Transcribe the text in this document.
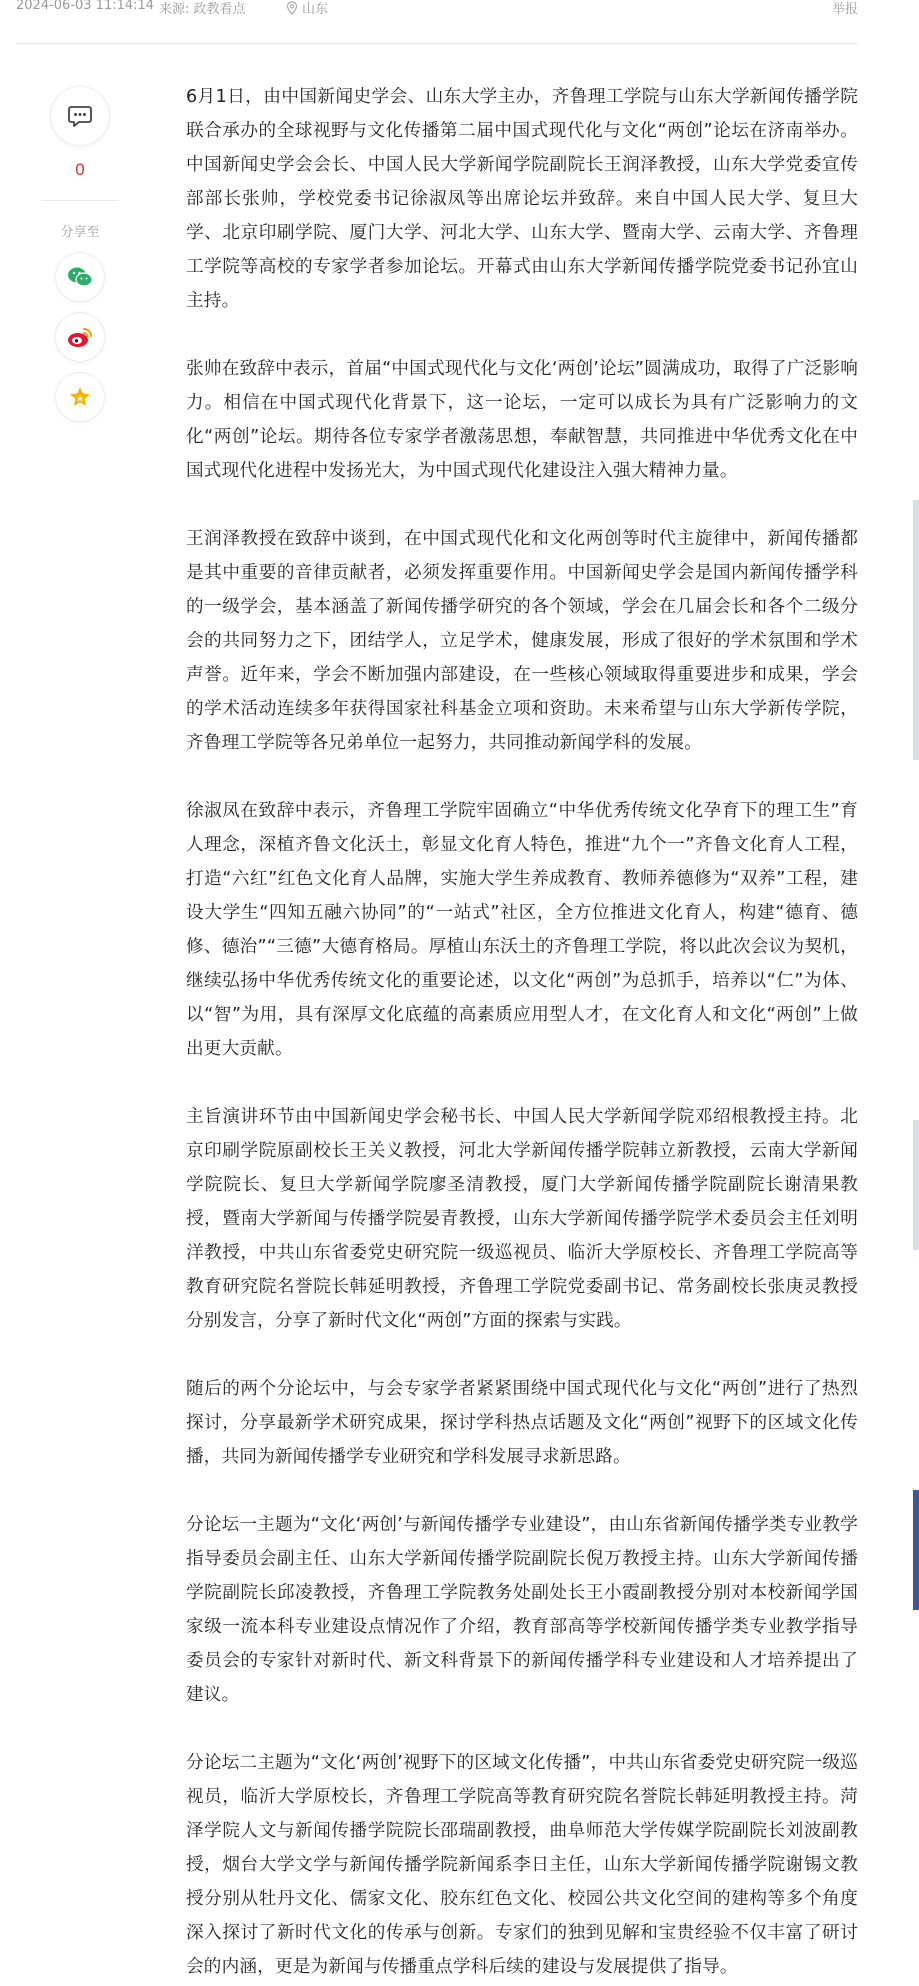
2024-06-03 11:14:14 来源: 政教看点	山东	举报
0
分享至

6月1日，由中国新闻史学会、山东大学主办，齐鲁理工学院与山东大学新闻传播学院联合承办的全球视野与文化传播第二届中国式现代化与文化“两创”论坛在济南举办。中国新闻史学会会长、中国人民大学新闻学院副院长王润泽教授，山东大学党委宣传部部长张帅，学校党委书记徐淑凤等出席论坛并致辞。来自中国人民大学、复旦大学、北京印刷学院、厦门大学、河北大学、山东大学、暨南大学、云南大学、齐鲁理工学院等高校的专家学者参加论坛。开幕式由山东大学新闻传播学院党委书记孙宜山主持。

张帅在致辞中表示，首届“中国式现代化与文化‘两创’论坛”圆满成功，取得了广泛影响力。相信在中国式现代化背景下，这一论坛，一定可以成长为具有广泛影响力的文化“两创”论坛。期待各位专家学者激荡思想，奉献智慧，共同推进中华优秀文化在中国式现代化进程中发扬光大，为中国式现代化建设注入强大精神力量。

王润泽教授在致辞中谈到，在中国式现代化和文化两创等时代主旋律中，新闻传播都是其中重要的音律贡献者，必须发挥重要作用。中国新闻史学会是国内新闻传播学科的一级学会，基本涵盖了新闻传播学研究的各个领域，学会在几届会长和各个二级分会的共同努力之下，团结学人，立足学术，健康发展，形成了很好的学术氛围和学术声誉。近年来，学会不断加强内部建设，在一些核心领域取得重要进步和成果，学会的学术活动连续多年获得国家社科基金立项和资助。未来希望与山东大学新传学院，齐鲁理工学院等各兄弟单位一起努力，共同推动新闻学科的发展。

徐淑凤在致辞中表示，齐鲁理工学院牢固确立“中华优秀传统文化孕育下的理工生”育人理念，深植齐鲁文化沃土，彰显文化育人特色，推进“九个一”齐鲁文化育人工程，打造“六红”红色文化育人品牌，实施大学生养成教育、教师养德修为“双养”工程，建设大学生“四知五融六协同”的“一站式”社区，全方位推进文化育人，构建“德育、德修、德治”“三德”大德育格局。厚植山东沃土的齐鲁理工学院，将以此次会议为契机，继续弘扬中华优秀传统文化的重要论述，以文化“两创”为总抓手，培养以“仁”为体、以“智”为用，具有深厚文化底蕴的高素质应用型人才，在文化育人和文化“两创”上做出更大贡献。

主旨演讲环节由中国新闻史学会秘书长、中国人民大学新闻学院邓绍根教授主持。北京印刷学院原副校长王关义教授，河北大学新闻传播学院韩立新教授，云南大学新闻学院院长、复旦大学新闻学院廖圣清教授，厦门大学新闻传播学院副院长谢清果教授，暨南大学新闻与传播学院晏青教授，山东大学新闻传播学院学术委员会主任刘明洋教授，中共山东省委党史研究院一级巡视员、临沂大学原校长、齐鲁理工学院高等教育研究院名誉院长韩延明教授，齐鲁理工学院党委副书记、常务副校长张庚灵教授分别发言，分享了新时代文化“两创”方面的探索与实践。

随后的两个分论坛中，与会专家学者紧紧围绕中国式现代化与文化“两创”进行了热烈探讨，分享最新学术研究成果，探讨学科热点话题及文化“两创”视野下的区域文化传播，共同为新闻传播学专业研究和学科发展寻求新思路。

分论坛一主题为“文化‘两创’与新闻传播学专业建设”，由山东省新闻传播学类专业教学指导委员会副主任、山东大学新闻传播学院副院长倪万教授主持。山东大学新闻传播学院副院长邱凌教授，齐鲁理工学院教务处副处长王小霞副教授分别对本校新闻学国家级一流本科专业建设点情况作了介绍，教育部高等学校新闻传播学类专业教学指导委员会的专家针对新时代、新文科背景下的新闻传播学科专业建设和人才培养提出了建议。

分论坛二主题为“文化‘两创’视野下的区域文化传播”，中共山东省委党史研究院一级巡视员，临沂大学原校长，齐鲁理工学院高等教育研究院名誉院长韩延明教授主持。菏泽学院人文与新闻传播学院院长邵瑞副教授，曲阜师范大学传媒学院副院长刘波副教授，烟台大学文学与新闻传播学院新闻系李日主任，山东大学新闻传播学院谢锡文教授分别从牡丹文化、儒家文化、胶东红色文化、校园公共文化空间的建构等多个角度深入探讨了新时代文化的传承与创新。专家们的独到见解和宝贵经验不仅丰富了研讨会的内涵，更是为新闻与传播重点学科后续的建设与发展提供了指导。
